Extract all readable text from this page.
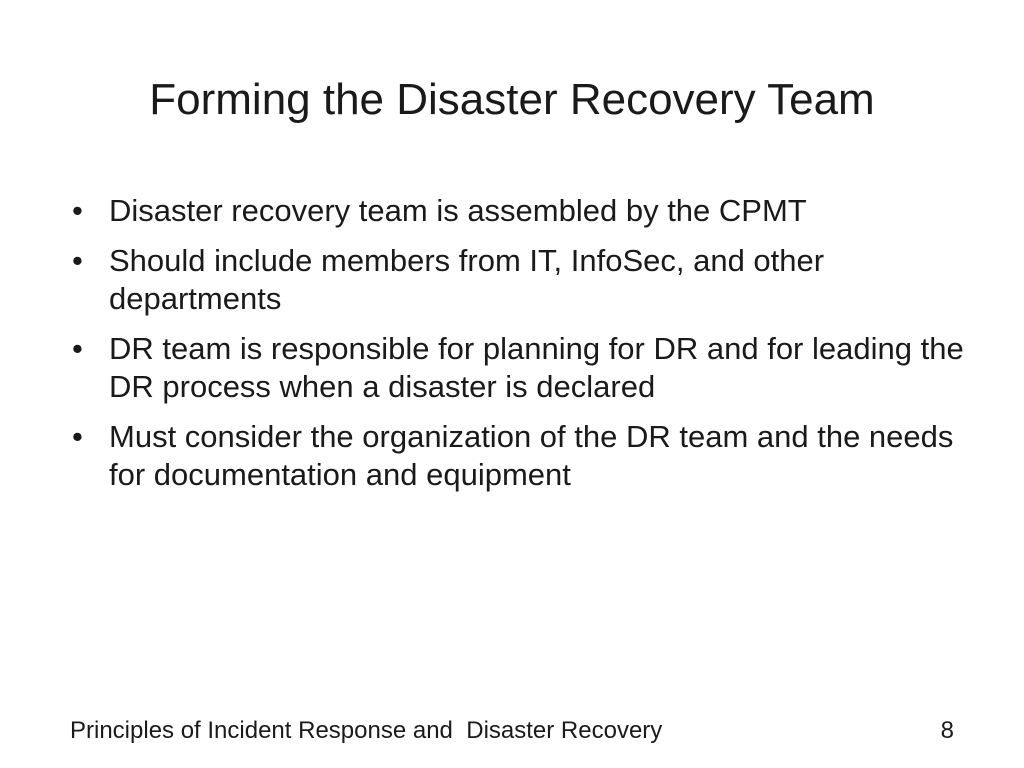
Forming the Disaster Recovery Team
• Disaster recovery team is assembled by the CPMT
• Should include members from IT, InfoSec, and other departments
• DR team is responsible for planning for DR and for leading the DR process when a disaster is declared
• Must consider the organization of the DR team and the needs for documentation and equipment
Principles of Incident Response and  Disaster Recovery	8
